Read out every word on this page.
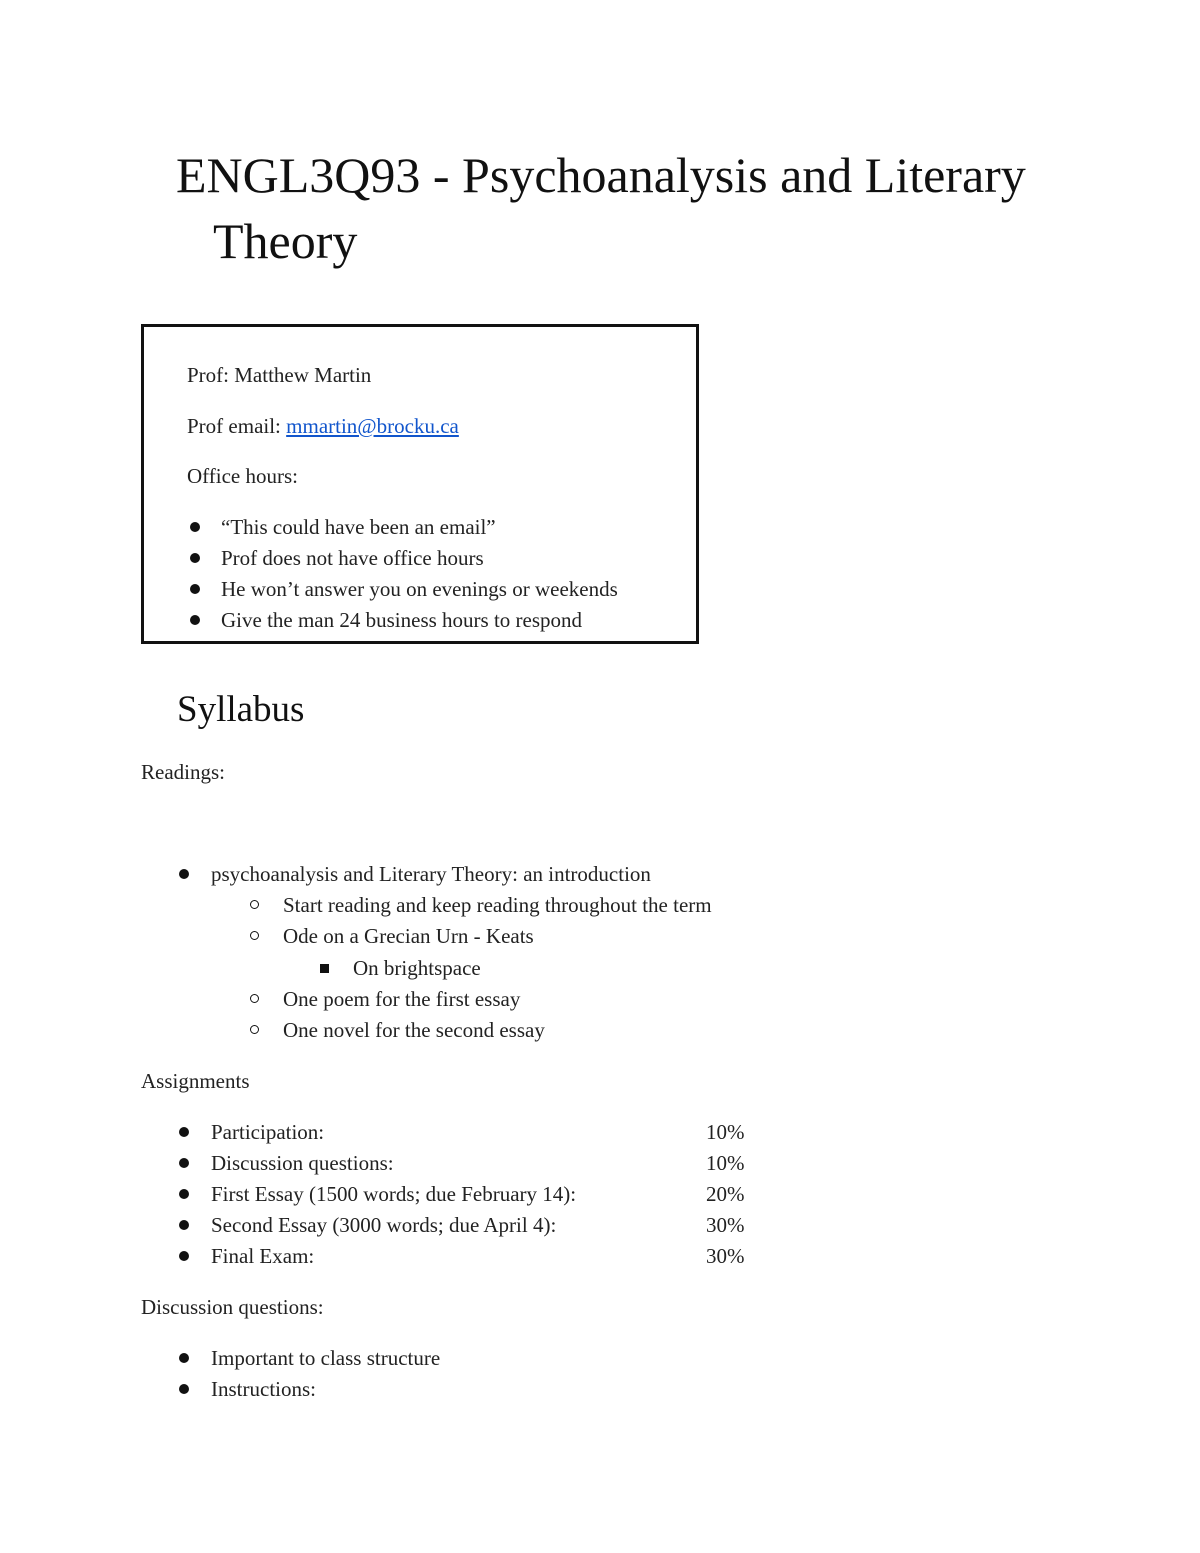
ENGL3Q93 - Psychoanalysis and Literary
Theory
Prof: Matthew Martin
Prof email: mmartin@brocku.ca
Office hours:
“This could have been an email”
Prof does not have office hours
He won’t answer you on evenings or weekends
Give the man 24 business hours to respond
Syllabus
Readings:
psychoanalysis and Literary Theory: an introduction
Start reading and keep reading throughout the term
Ode on a Grecian Urn - Keats
On brightspace
One poem for the first essay
One novel for the second essay
Assignments
Participation:	10%
Discussion questions:	10%
First Essay (1500 words; due February 14):	20%
Second Essay (3000 words; due April 4):	30%
Final Exam:	30%
Discussion questions:
Important to class structure
Instructions:
